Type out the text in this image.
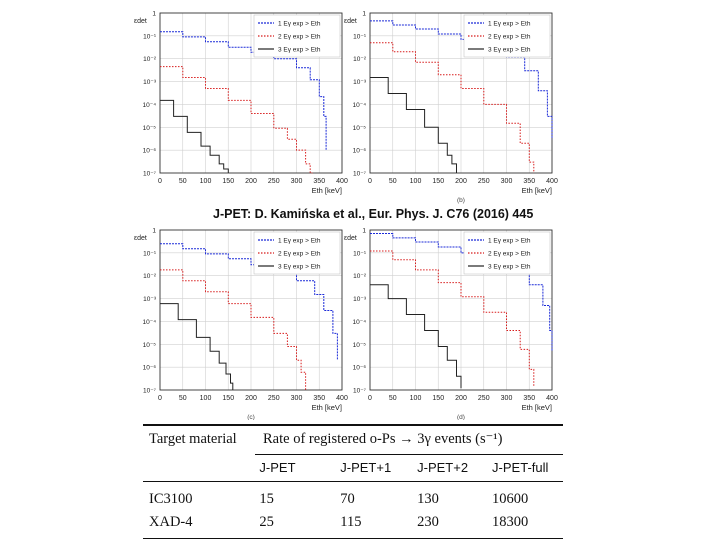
0 50 100 150 200 250 300 350 400
10⁻⁷
10⁻⁶
10⁻⁵
10⁻⁴
10⁻³
10⁻²
10⁻¹
1
1 Eγ exp > Eth
2 Eγ exp > Eth
3 Eγ exp > Eth
εdet
Eth [keV]
0 50 100 150 200 250 300 350 400
10⁻⁷
10⁻⁶
10⁻⁵
10⁻⁴
10⁻³
10⁻²
10⁻¹
1
1 Eγ exp > Eth
2 Eγ exp > Eth
3 Eγ exp > Eth
εdet
Eth [keV]
(b)
0 50 100 150 200 250 300 350 400
10⁻⁷
10⁻⁶
10⁻⁵
10⁻⁴
10⁻³
10⁻²
10⁻¹
1
1 Eγ exp > Eth
2 Eγ exp > Eth
3 Eγ exp > Eth
εdet
Eth [keV]
(c)
0 50 100 150 200 250 300 350 400
10⁻⁷
10⁻⁶
10⁻⁵
10⁻⁴
10⁻³
10⁻²
10⁻¹
1
1 Eγ exp > Eth
2 Eγ exp > Eth
3 Eγ exp > Eth
εdet
Eth [keV]
(d)
J-PET: D. Kamińska et al., Eur. Phys. J. C76 (2016) 445
Target material	Rate of registered o-Ps → 3γ events (s⁻¹)
J-PET	J-PET+1	J-PET+2	J-PET-full
IC3100	15	70	130	10600
XAD-4	25	115	230	18300
